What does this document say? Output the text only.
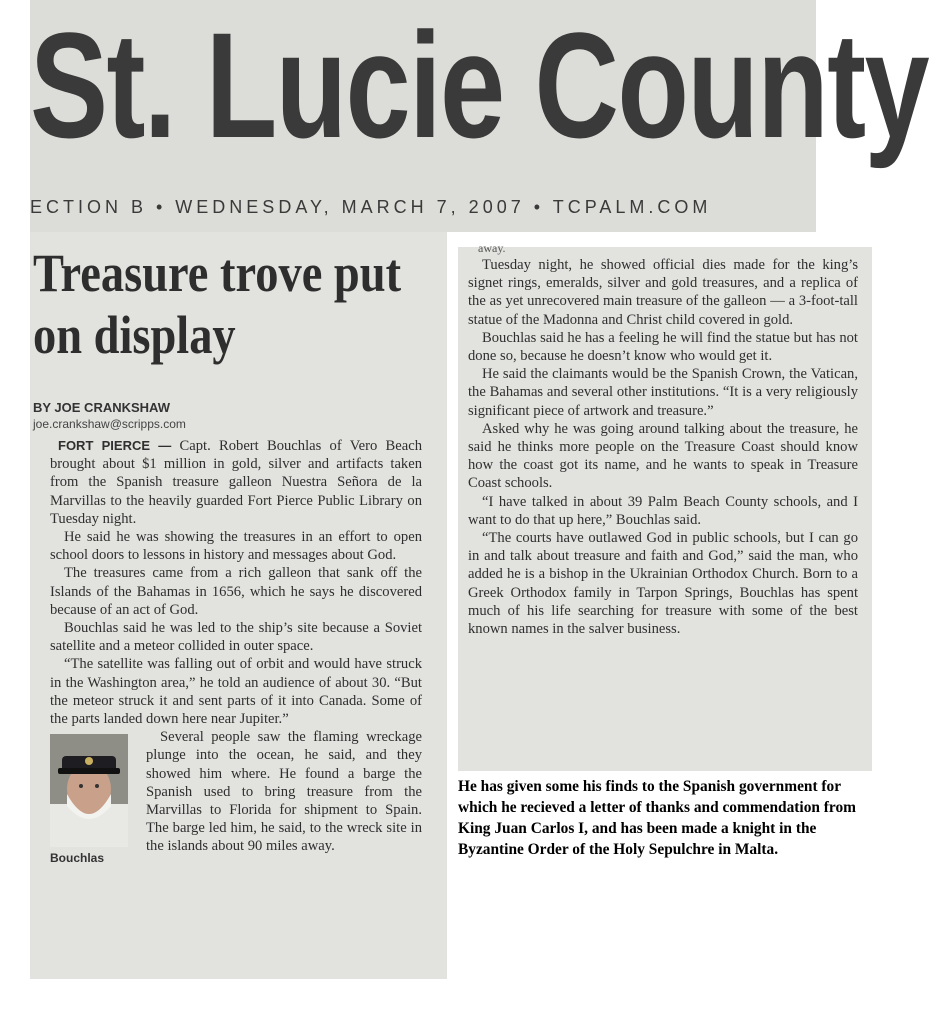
St. Lucie County
ECTION B • WEDNESDAY, MARCH 7, 2007 • TCPALM.COM
Treasure trove put on display
BY JOE CRANKSHAW
joe.crankshaw@scripps.com

FORT PIERCE — Capt. Robert Bouchlas of Vero Beach brought about $1 million in gold, silver and artifacts taken from the Spanish treasure galleon Nuestra Señora de la Marvillas to the heavily guarded Fort Pierce Public Library on Tuesday night.

He said he was showing the treasures in an effort to open school doors to lessons in history and messages about God.

The treasures came from a rich galleon that sank off the Islands of the Bahamas in 1656, which he says he discovered because of an act of God.

Bouchlas said he was led to the ship’s site because a Soviet satellite and a meteor collided in outer space.

“The satellite was falling out of orbit and would have struck in the Washington area,” he told an audience of about 30. “But the meteor struck it and sent parts of it into Canada. Some of the parts landed down here near Jupiter.”

Bouchlas

Several people saw the flaming wreckage plunge into the ocean, he said, and they showed him where. He found a barge the Spanish used to bring treasure from the Marvillas to Florida for shipment to Spain. The barge led him, he said, to the wreck site in the islands about 90 miles away.

away.

Tuesday night, he showed official dies made for the king’s signet rings, emeralds, silver and gold treasures, and a replica of the as yet unrecovered main treasure of the galleon — a 3-foot-tall statue of the Madonna and Christ child covered in gold.

Bouchlas said he has a feeling he will find the statue but has not done so, because he doesn’t know who would get it.

He said the claimants would be the Spanish Crown, the Vatican, the Bahamas and several other institutions. “It is a very religiously significant piece of artwork and treasure.”

Asked why he was going around talking about the treasure, he said he thinks more people on the Treasure Coast should know how the coast got its name, and he wants to speak in Treasure Coast schools.

“I have talked in about 39 Palm Beach County schools, and I want to do that up here,” Bouchlas said.

“The courts have outlawed God in public schools, but I can go in and talk about treasure and faith and God,” said the man, who added he is a bishop in the Ukrainian Orthodox Church. Born to a Greek Orthodox family in Tarpon Springs, Bouchlas has spent much of his life searching for treasure with some of the best known names in the salver business.

He has given some his finds to the Spanish government for which he recieved a letter of thanks and commendation from King Juan Carlos I, and has been made a knight in the Byzantine Order of the Holy Sepulchre in Malta.
